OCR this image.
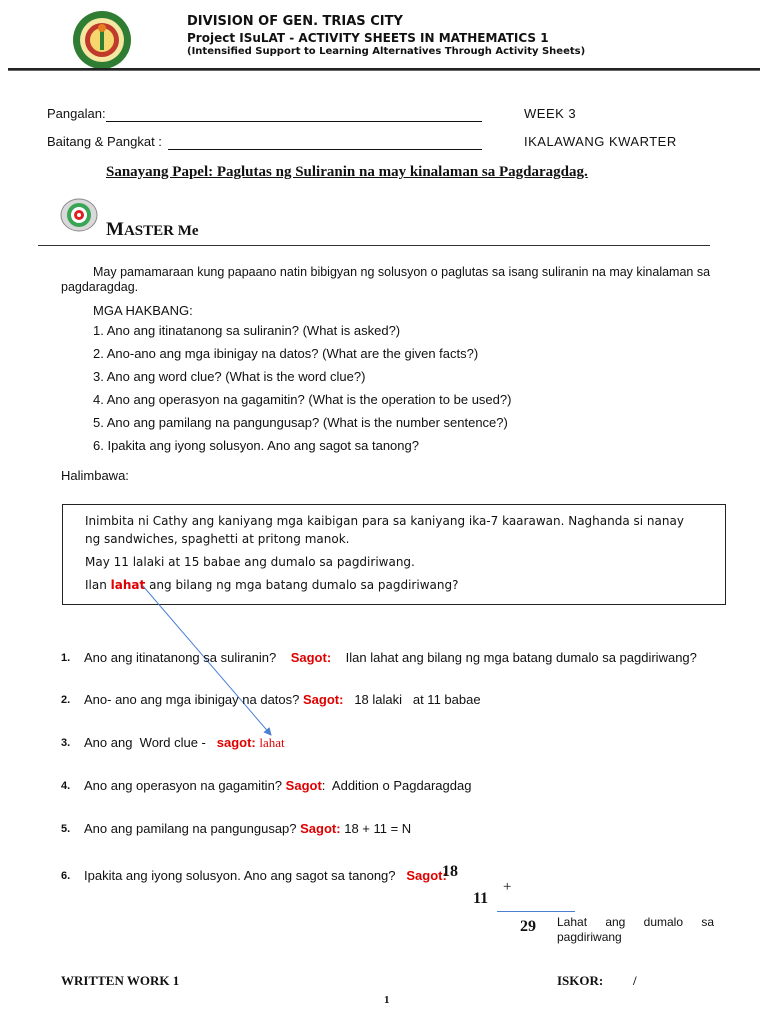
DIVISION OF GEN. TRIAS CITY
Project ISuLAT - ACTIVITY SHEETS IN MATHEMATICS 1
(Intensified Support to Learning Alternatives Through Activity Sheets)
Pangalan:
Baitang & Pangkat :
WEEK 3
IKALAWANG KWARTER
Sanayang Papel: Paglutas ng Suliranin na may kinalaman sa Pagdaragdag.
MASTER Me
May pamamaraan kung papaano natin bibigyan ng solusyon o paglutas sa isang suliranin na may kinalaman sa pagdaragdag.
MGA HAKBANG:
1. Ano ang itinatanong sa suliranin? (What is asked?)
2. Ano-ano ang mga ibinigay na datos? (What are the given facts?)
3. Ano ang word clue? (What is the word clue?)
4. Ano ang operasyon na gagamitin? (What is the operation to be used?)
5. Ano ang pamilang na pangungusap? (What is the number sentence?)
6. Ipakita ang iyong solusyon. Ano ang sagot sa tanong?
Halimbawa:
Inimbita ni Cathy ang kaniyang mga kaibigan para sa kaniyang ika-7 kaarawan. Naghanda si nanay
ng sandwiches, spaghetti at pritong manok.
May 11 lalaki at 15 babae ang dumalo sa pagdiriwang.
Ilan lahat ang bilang ng mga batang dumalo sa pagdiriwang?
1. Ano ang itinatanong sa suliranin? Sagot: Ilan lahat ang bilang ng mga batang dumalo sa pagdiriwang?
2. Ano- ano ang mga ibinigay na datos? Sagot: 18 lalaki   at 11 babae
3. Ano ang  Word clue - sagot: lahat
4. Ano ang operasyon na gagamitin? Sagot:  Addition o Pagdaragdag
5. Ano ang pamilang na pangungusap? Sagot: 18 + 11 = N
6. Ipakita ang iyong solusyon. Ano ang sagot sa tanong? Sagot:
18
11
+
29 Lahat ang dumalo sa pagdiriwang
WRITTEN WORK 1	ISKOR: /
1
